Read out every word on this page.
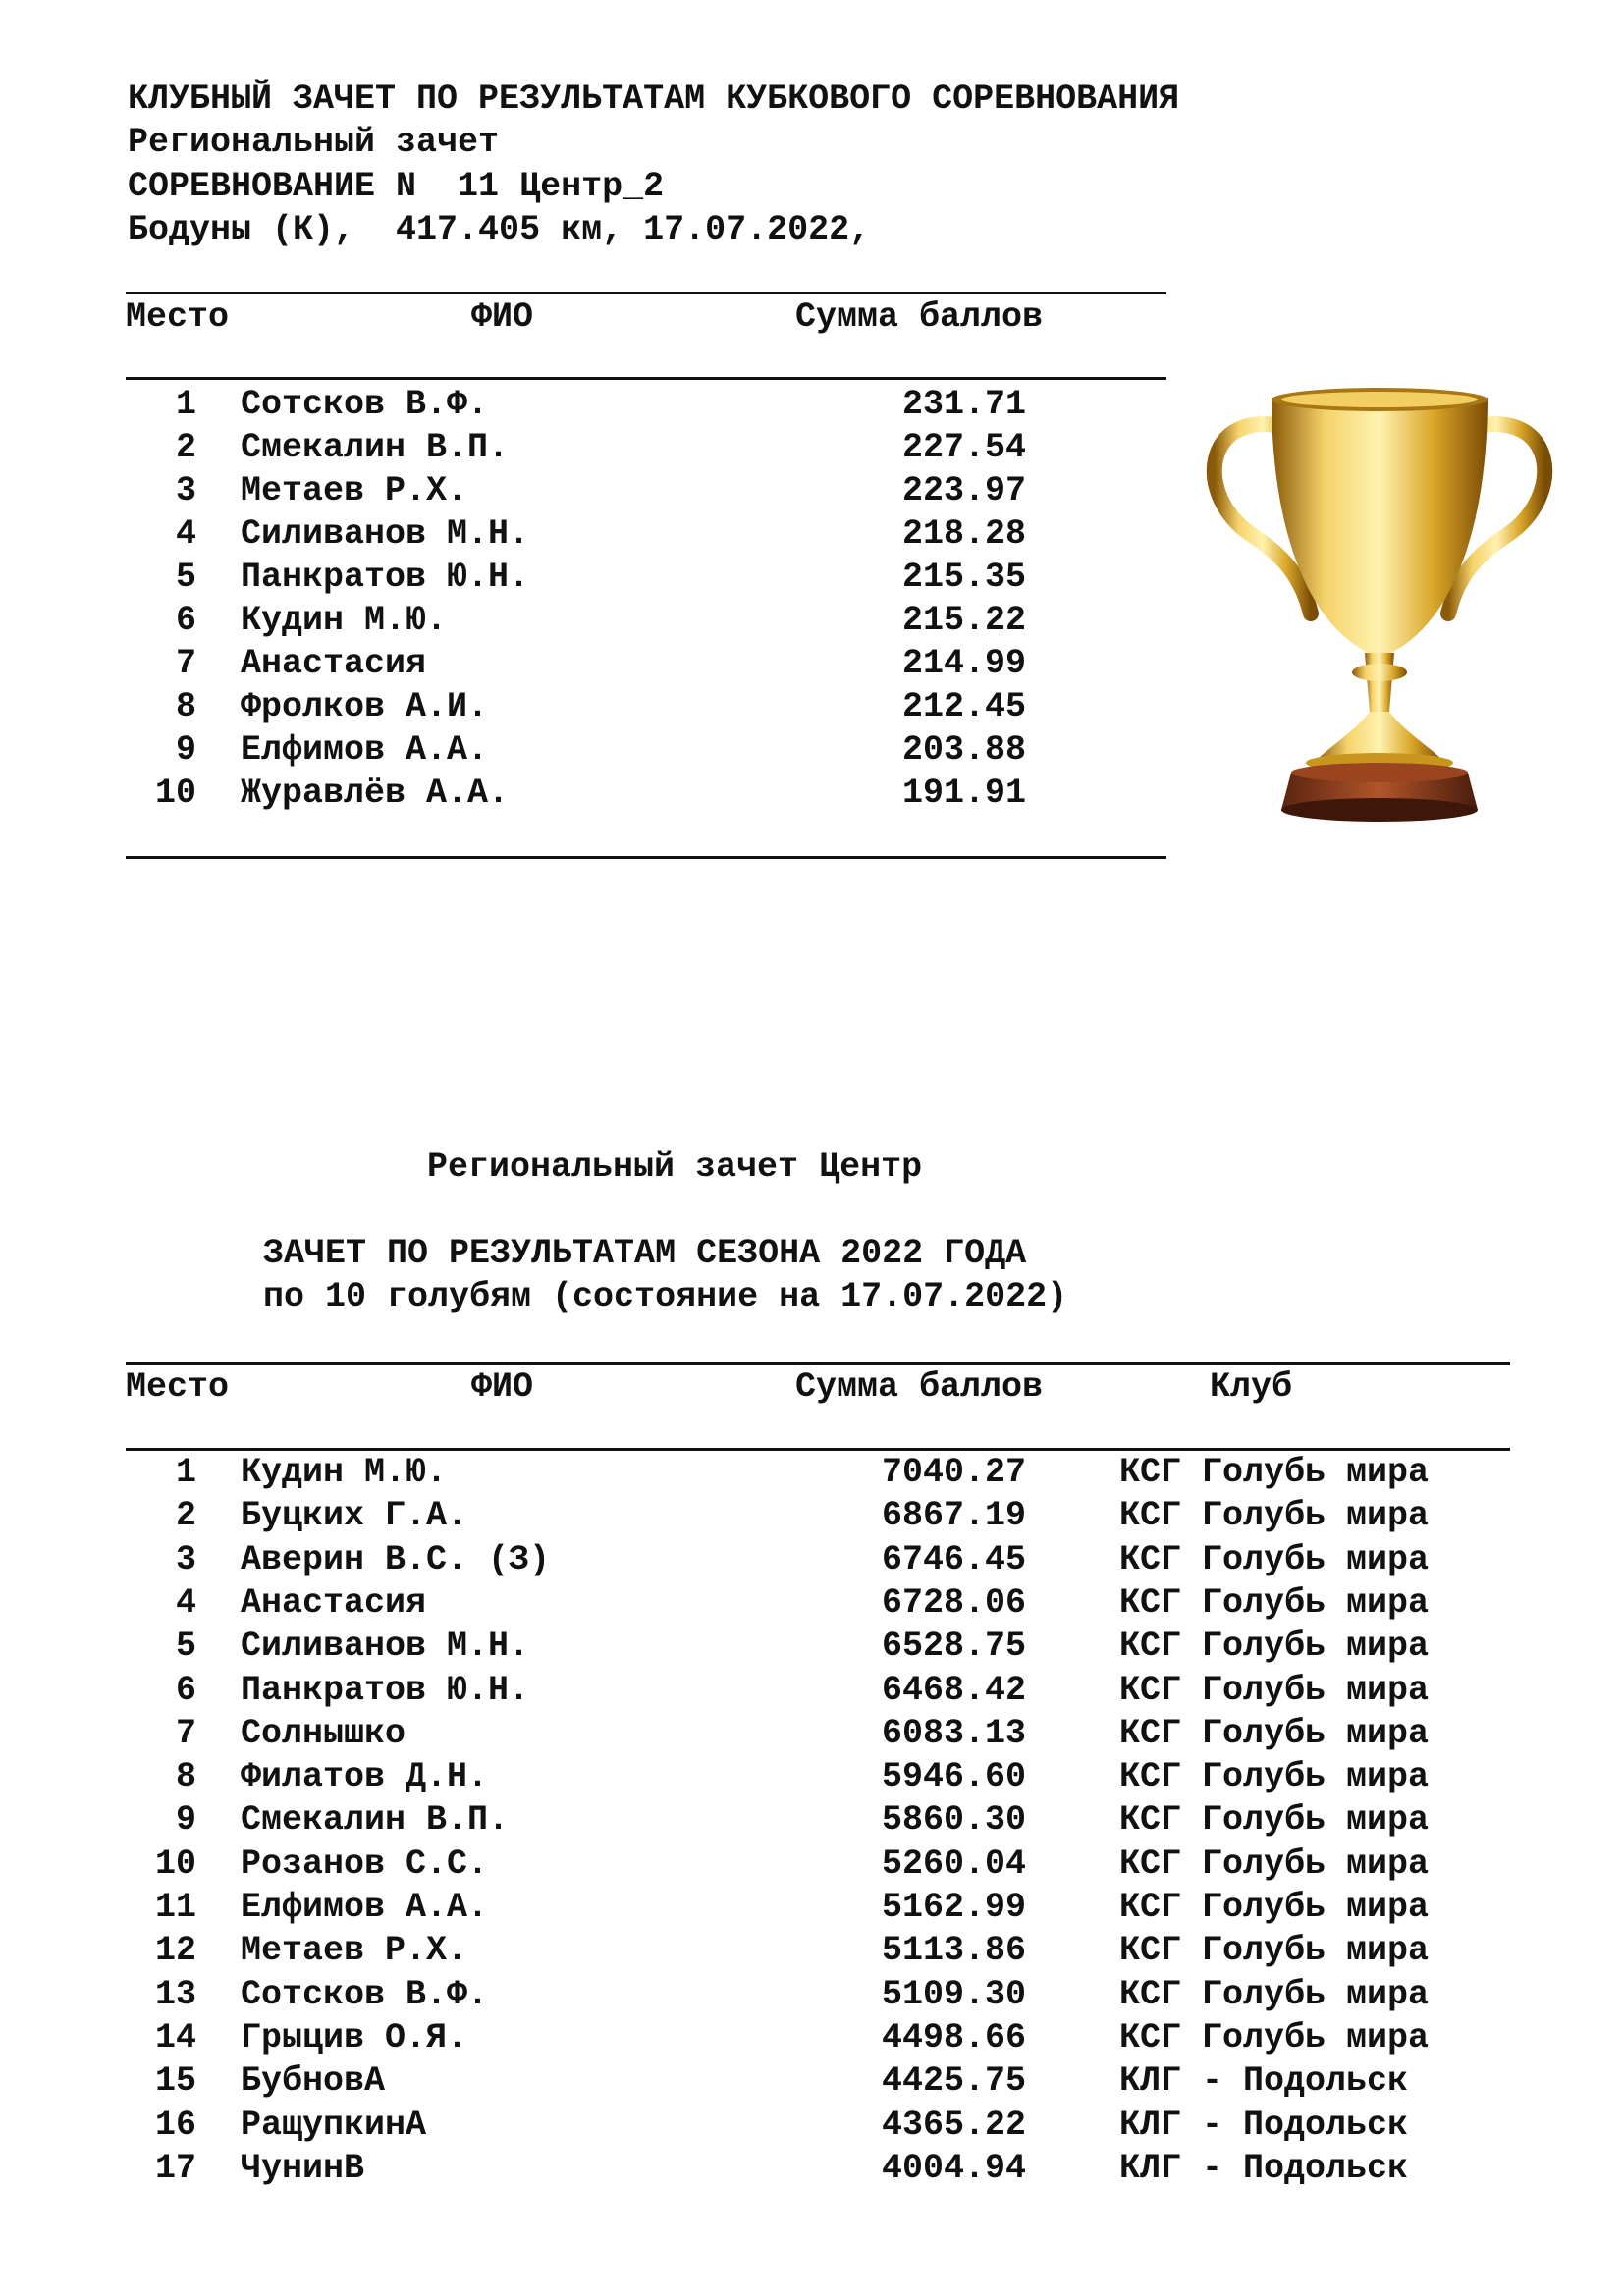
КЛУБНЫЙ ЗАЧЕТ ПО РЕЗУЛЬТАТАМ КУБКОВОГО СОРЕВНОВАНИЯ
Региональный зачет
СОРЕВНОВАНИЕ N  11 Центр_2
Бодуны (К),  417.405 км, 17.07.2022,
Место	ФИО	Сумма баллов
1 Сотсков В.Ф.	231.71
2 Смекалин В.П.	227.54
3 Метаев Р.Х.	223.97
4 Силиванов М.Н.	218.28
5 Панкратов Ю.Н.	215.35
6 Кудин М.Ю.	215.22
7 Анастасия	214.99
8 Фролков А.И.	212.45
9 Елфимов А.А.	203.88
10 Журавлёв А.А.	191.91
Региональный зачет Центр
ЗАЧЕТ ПО РЕЗУЛЬТАТАМ СЕЗОНА 2022 ГОДА
по 10 голубям (состояние на 17.07.2022)
Место	ФИО	Сумма баллов	Клуб
1 Кудин М.Ю.	7040.27	КСГ Голубь мира
2 Буцких Г.А.	6867.19	КСГ Голубь мира
3 Аверин В.С. (З)	6746.45	КСГ Голубь мира
4 Анастасия	6728.06	КСГ Голубь мира
5 Силиванов М.Н.	6528.75	КСГ Голубь мира
6 Панкратов Ю.Н.	6468.42	КСГ Голубь мира
7 Солнышко	6083.13	КСГ Голубь мира
8 Филатов Д.Н.	5946.60	КСГ Голубь мира
9 Смекалин В.П.	5860.30	КСГ Голубь мира
10 Розанов С.С.	5260.04	КСГ Голубь мира
11 Елфимов А.А.	5162.99	КСГ Голубь мира
12 Метаев Р.Х.	5113.86	КСГ Голубь мира
13 Сотсков В.Ф.	5109.30	КСГ Голубь мира
14 Грыцив О.Я.	4498.66	КСГ Голубь мира
15 БубновА	4425.75	КЛГ - Подольск
16 РащупкинА	4365.22	КЛГ - Подольск
17 ЧунинВ	4004.94	КЛГ - Подольск
